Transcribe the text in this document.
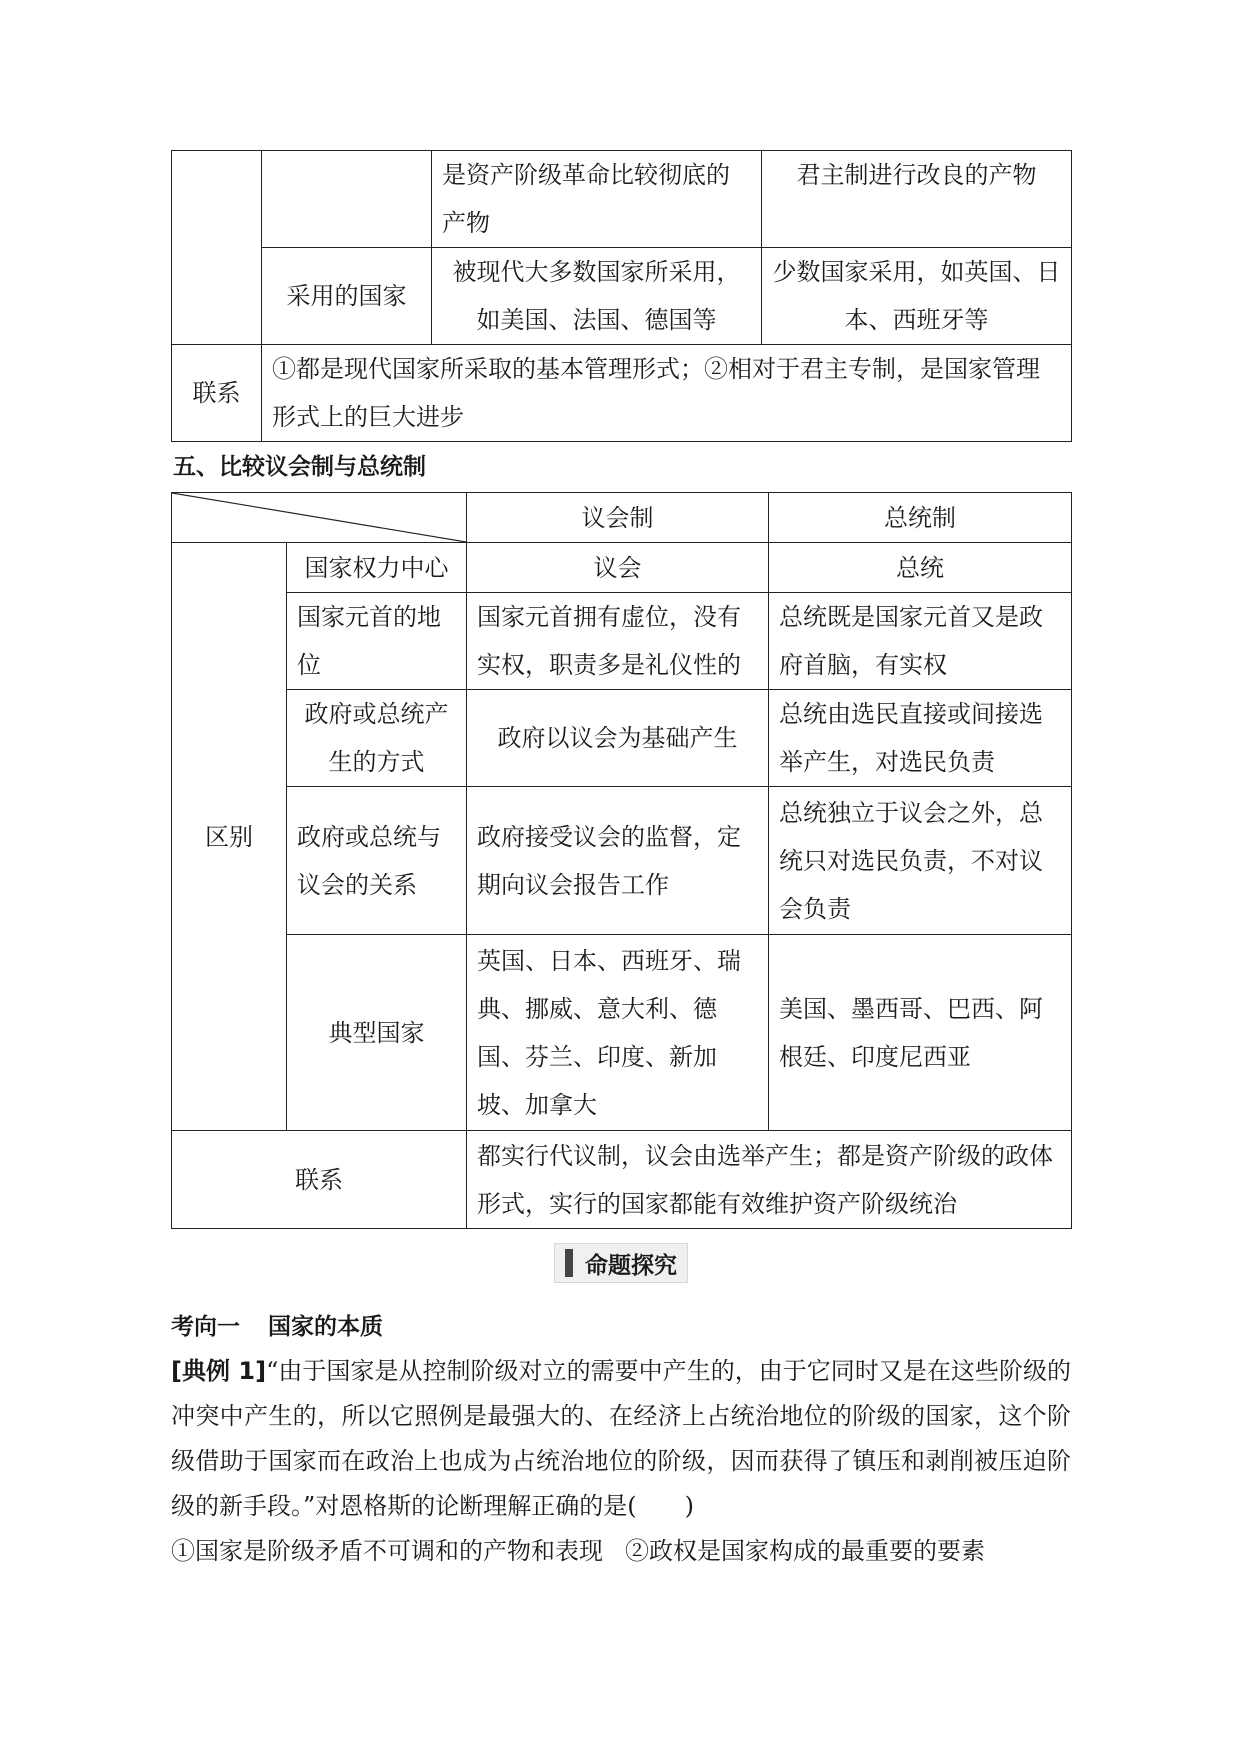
		是资产阶级革命比较彻底的产物	君主制进行改良的产物
	采用的国家	被现代大多数国家所采用，如美国、法国、德国等	少数国家采用，如英国、日本、西班牙等
联系	①都是现代国家所采取的基本管理形式；②相对于君主专制，是国家管理形式上的巨大进步		
五、比较议会制与总统制
	议会制	总统制
区别	国家权力中心	议会	总统
	国家元首的地位	国家元首拥有虚位，没有实权，职责多是礼仪性的	总统既是国家元首又是政府首脑，有实权
	政府或总统产生的方式	政府以议会为基础产生	总统由选民直接或间接选举产生，对选民负责
	政府或总统与议会的关系	政府接受议会的监督，定期向议会报告工作	总统独立于议会之外，总统只对选民负责，不对议会负责
	典型国家	英国、日本、西班牙、瑞典、挪威、意大利、德国、芬兰、印度、新加坡、加拿大	美国、墨西哥、巴西、阿根廷、印度尼西亚
联系		都实行代议制，议会由选举产生；都是资产阶级的政体形式，实行的国家都能有效维护资产阶级统治	
命题探究
考向一 国家的本质

[典例 1]“由于国家是从控制阶级对立的需要中产生的，由于它同时又是在这些阶级的冲突中产生的，所以它照例是最强大的、在经济上占统治地位的阶级的国家，这个阶级借助于国家而在政治上也成为占统治地位的阶级，因而获得了镇压和剥削被压迫阶级的新手段。”对恩格斯的论断理解正确的是(　　)

①国家是阶级矛盾不可调和的产物和表现 ②政权是国家构成的最重要的要素
